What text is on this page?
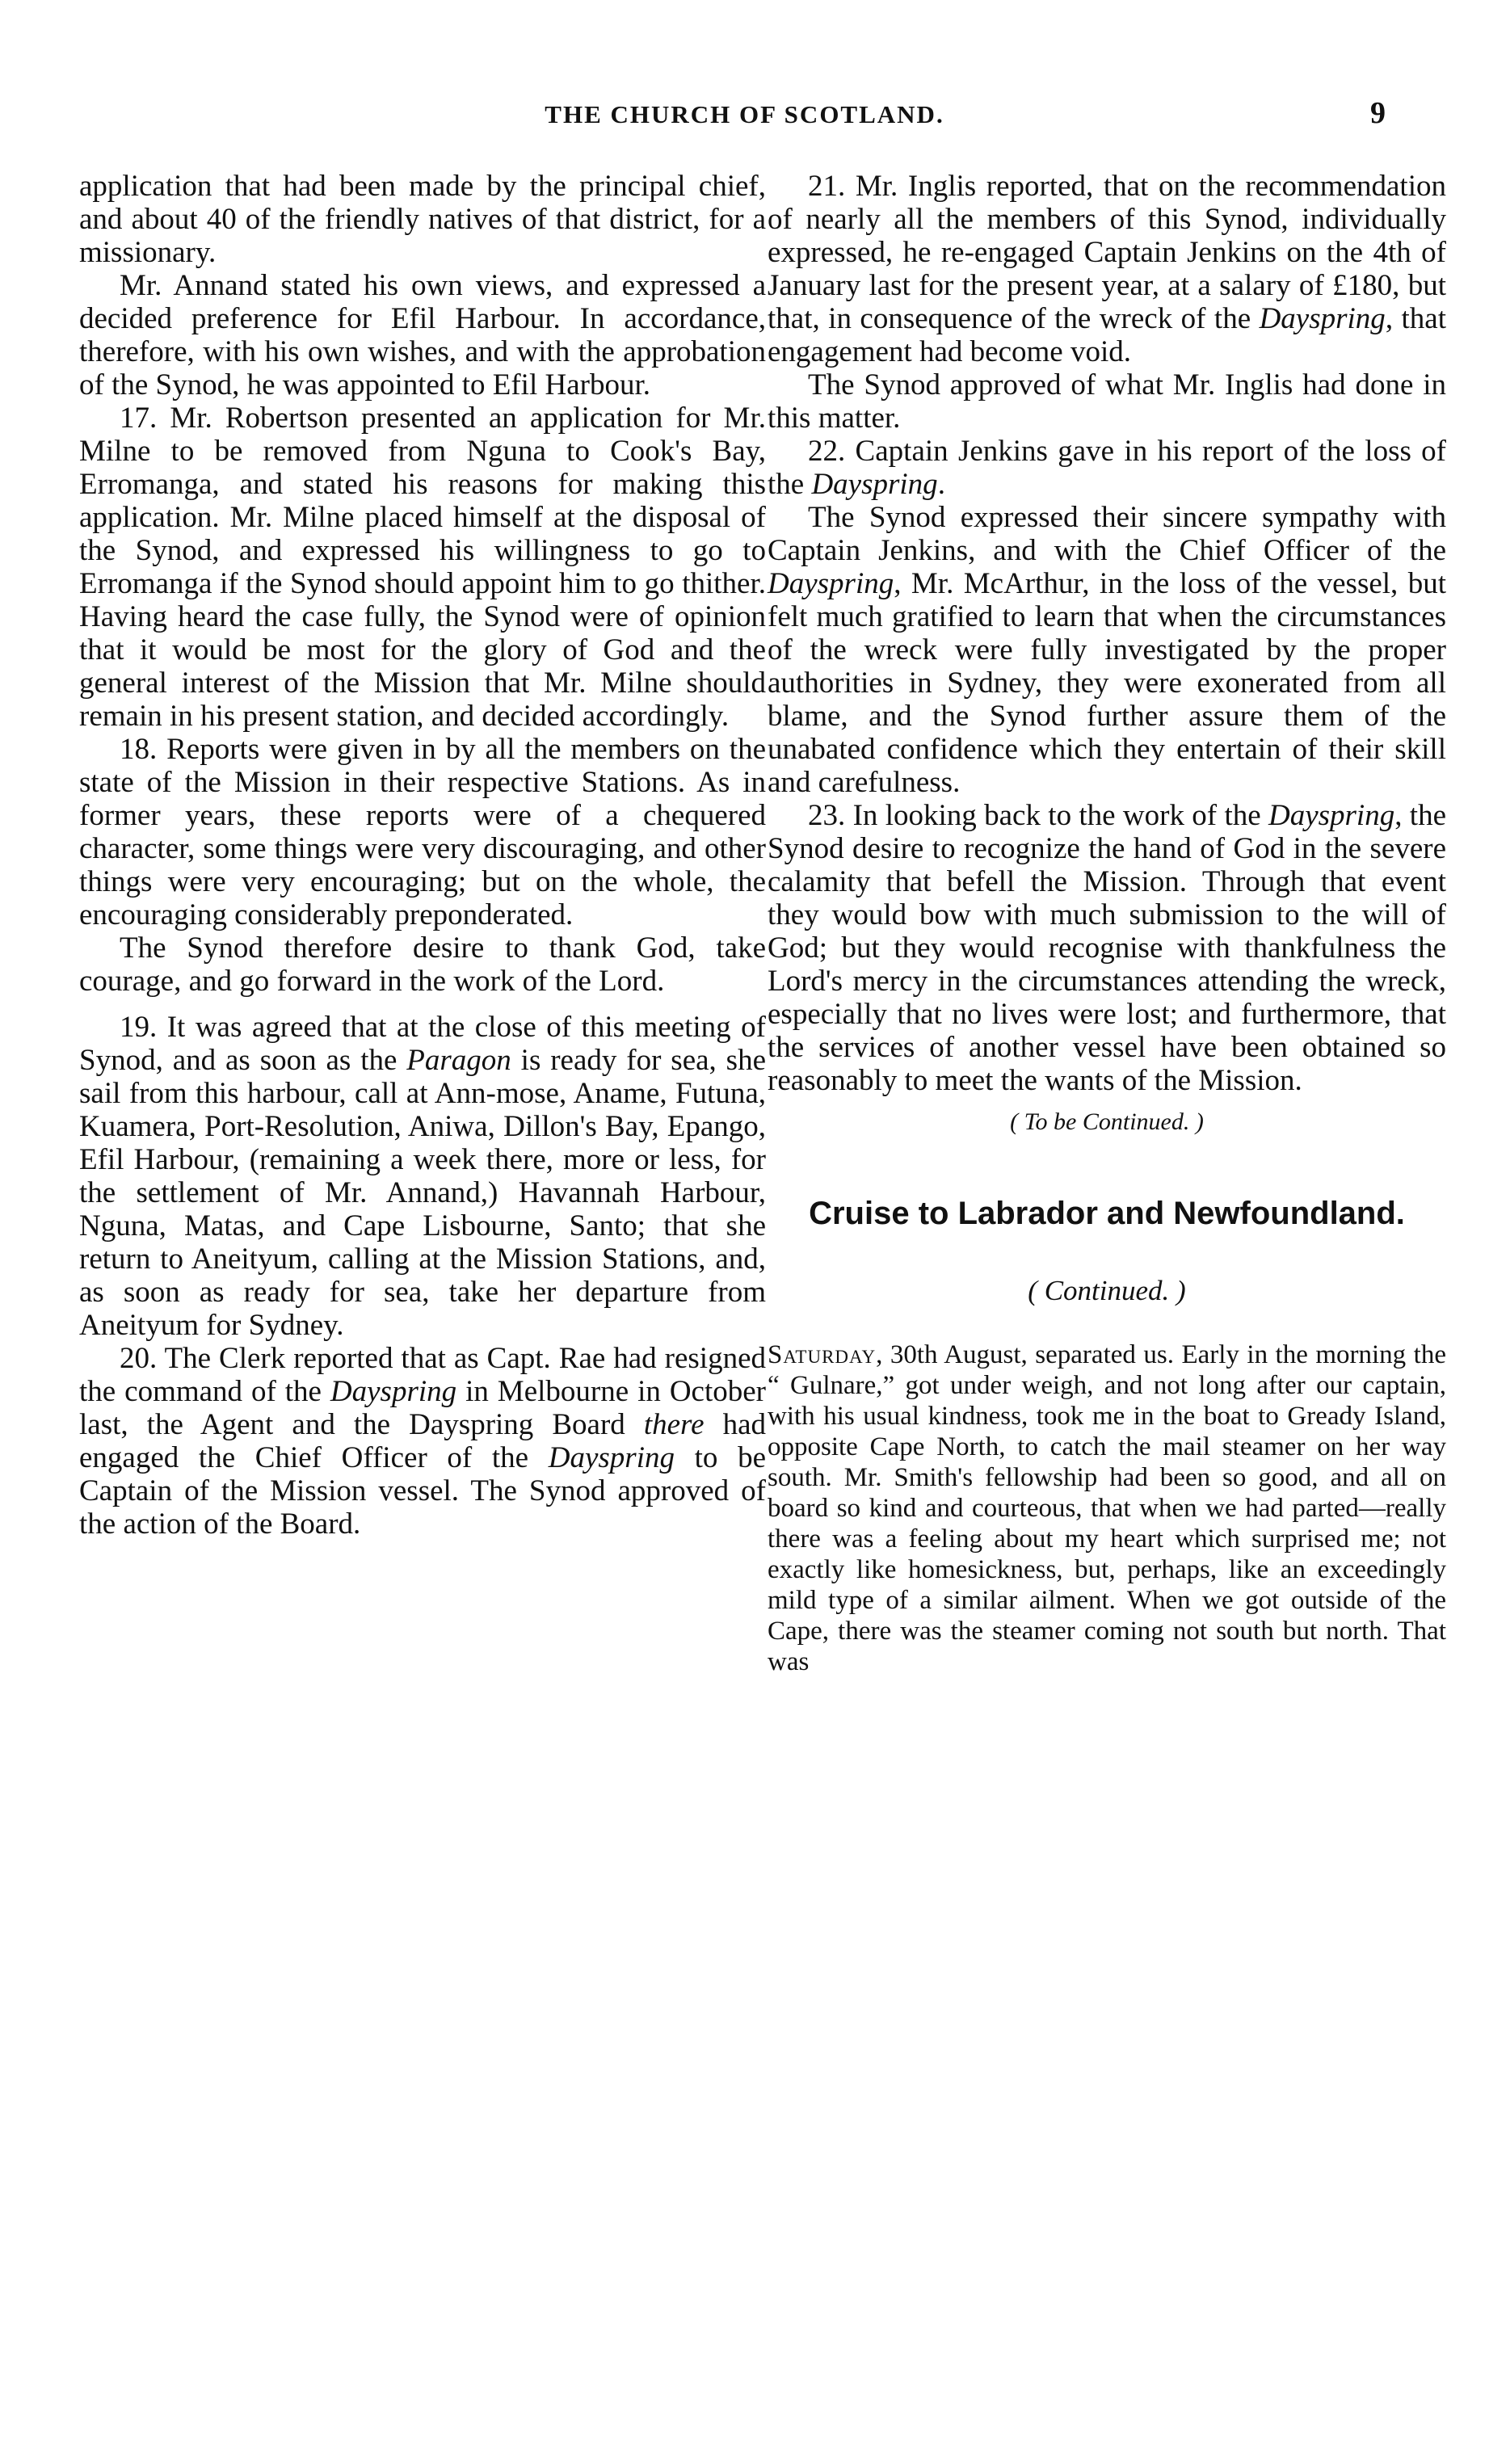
THE CHURCH OF SCOTLAND.	9

application that had been made by the principal chief, and about 40 of the friendly natives of that district, for a missionary.

Mr. Annand stated his own views, and expressed a decided preference for Efil Harbour. In accordance, therefore, with his own wishes, and with the approbation of the Synod, he was appointed to Efil Harbour.

17. Mr. Robertson presented an application for Mr. Milne to be removed from Nguna to Cook's Bay, Erromanga, and stated his reasons for making this application. Mr. Milne placed himself at the disposal of the Synod, and expressed his willingness to go to Erromanga if the Synod should appoint him to go thither. Having heard the case fully, the Synod were of opinion that it would be most for the glory of God and the general interest of the Mission that Mr. Milne should remain in his present station, and decided accordingly.

18. Reports were given in by all the members on the state of the Mission in their respective Stations. As in former years, these reports were of a chequered character, some things were very discouraging, and other things were very encouraging; but on the whole, the encouraging considerably preponderated.

The Synod therefore desire to thank God, take courage, and go forward in the work of the Lord.

19. It was agreed that at the close of this meeting of Synod, and as soon as the Paragon is ready for sea, she sail from this harbour, call at Ann-mose, Aname, Futuna, Kuamera, Port-Resolution, Aniwa, Dillon's Bay, Epango, Efil Harbour, (remaining a week there, more or less, for the settlement of Mr. Annand,) Havannah Harbour, Nguna, Matas, and Cape Lisbourne, Santo; that she return to Aneityum, calling at the Mission Stations, and, as soon as ready for sea, take her departure from Aneityum for Sydney.

20. The Clerk reported that as Capt. Rae had resigned the command of the Dayspring in Melbourne in October last, the Agent and the Dayspring Board there had engaged the Chief Officer of the Dayspring to be Captain of the Mission vessel. The Synod approved of the action of the Board.

21. Mr. Inglis reported, that on the recommendation of nearly all the members of this Synod, individually expressed, he re-engaged Captain Jenkins on the 4th of January last for the present year, at a salary of £180, but that, in consequence of the wreck of the Dayspring, that engagement had become void.

The Synod approved of what Mr. Inglis had done in this matter.

22. Captain Jenkins gave in his report of the loss of the Dayspring.

The Synod expressed their sincere sympathy with Captain Jenkins, and with the Chief Officer of the Dayspring, Mr. McArthur, in the loss of the vessel, but felt much gratified to learn that when the circumstances of the wreck were fully investigated by the proper authorities in Sydney, they were exonerated from all blame, and the Synod further assure them of the unabated confidence which they entertain of their skill and carefulness.

23. In looking back to the work of the Dayspring, the Synod desire to recognize the hand of God in the severe calamity that befell the Mission. Through that event they would bow with much submission to the will of God; but they would recognise with thankfulness the Lord's mercy in the circumstances attending the wreck, especially that no lives were lost; and furthermore, that the services of another vessel have been obtained so reasonably to meet the wants of the Mission.

( To be Continued. )
Cruise to Labrador and Newfoundland.
( Continued. )

Saturday, 30th August, separated us. Early in the morning the “ Gulnare,” got under weigh, and not long after our captain, with his usual kindness, took me in the boat to Gready Island, opposite Cape North, to catch the mail steamer on her way south. Mr. Smith's fellowship had been so good, and all on board so kind and courteous, that when we had parted—really there was a feeling about my heart which surprised me; not exactly like homesickness, but, perhaps, like an exceedingly mild type of a similar ailment. When we got outside of the Cape, there was the steamer coming not south but north. That was
